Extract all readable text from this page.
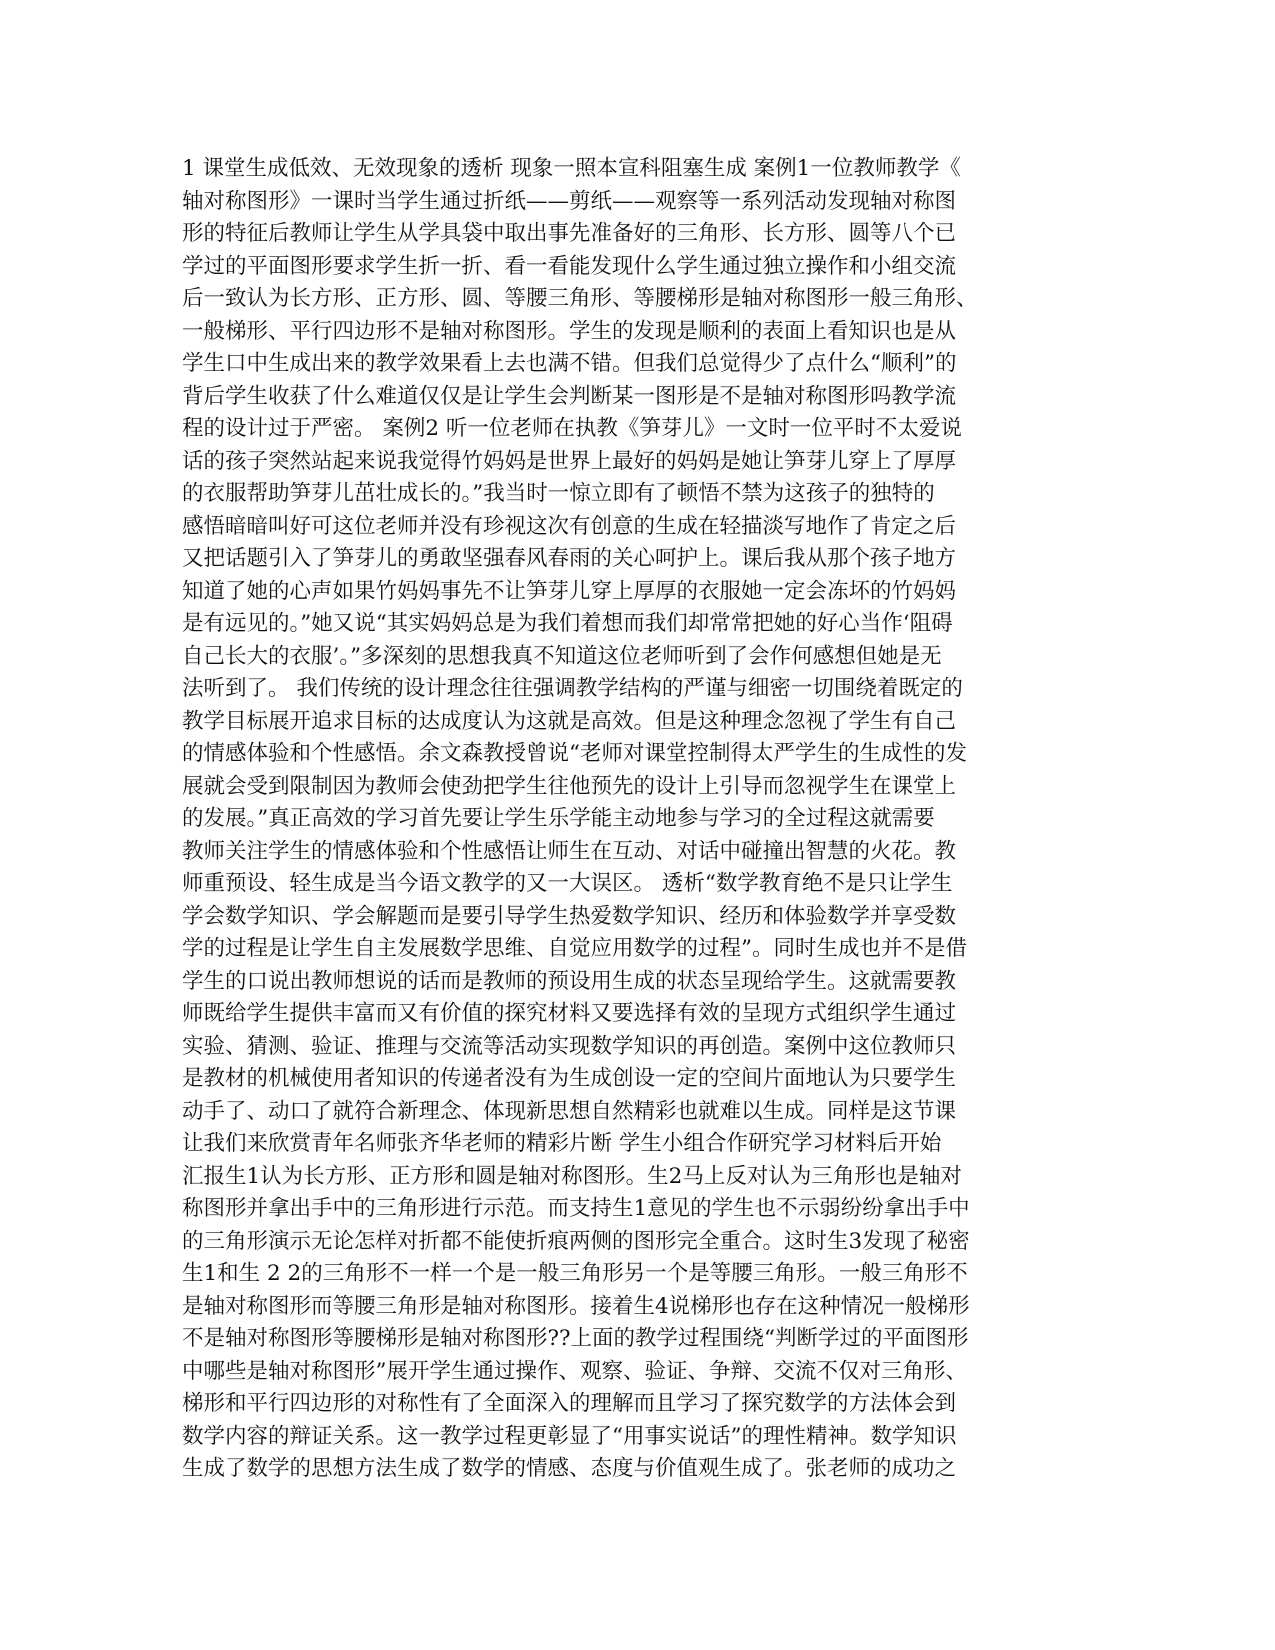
1 课堂生成低效、无效现象的透析 现象一照本宣科阻塞生成 案例1一位教师教学《
轴对称图形》一课时当学生通过折纸——剪纸——观察等一系列活动发现轴对称图
形的特征后教师让学生从学具袋中取出事先准备好的三角形、长方形、圆等八个已
学过的平面图形要求学生折一折、看一看能发现什么学生通过独立操作和小组交流
后一致认为长方形、正方形、圆、等腰三角形、等腰梯形是轴对称图形一般三角形、
一般梯形、平行四边形不是轴对称图形。学生的发现是顺利的表面上看知识也是从
学生口中生成出来的教学效果看上去也满不错。但我们总觉得少了点什么“顺利”的
背后学生收获了什么难道仅仅是让学生会判断某一图形是不是轴对称图形吗教学流
程的设计过于严密。 案例2 听一位老师在执教《笋芽儿》一文时一位平时不太爱说
话的孩子突然站起来说我觉得竹妈妈是世界上最好的妈妈是她让笋芽儿穿上了厚厚
的衣服帮助笋芽儿茁壮成长的。”我当时一惊立即有了顿悟不禁为这孩子的独特的
感悟暗暗叫好可这位老师并没有珍视这次有创意的生成在轻描淡写地作了肯定之后
又把话题引入了笋芽儿的勇敢坚强春风春雨的关心呵护上。课后我从那个孩子地方
知道了她的心声如果竹妈妈事先不让笋芽儿穿上厚厚的衣服她一定会冻坏的竹妈妈
是有远见的。”她又说“其实妈妈总是为我们着想而我们却常常把她的好心当作‘阻碍
自己长大的衣服’。”多深刻的思想我真不知道这位老师听到了会作何感想但她是无
法听到了。 我们传统的设计理念往往强调教学结构的严谨与细密一切围绕着既定的
教学目标展开追求目标的达成度认为这就是高效。但是这种理念忽视了学生有自己
的情感体验和个性感悟。余文森教授曾说“老师对课堂控制得太严学生的生成性的发
展就会受到限制因为教师会使劲把学生往他预先的设计上引导而忽视学生在课堂上
的发展。”真正高效的学习首先要让学生乐学能主动地参与学习的全过程这就需要
教师关注学生的情感体验和个性感悟让师生在互动、对话中碰撞出智慧的火花。教
师重预设、轻生成是当今语文教学的又一大误区。 透析“数学教育绝不是只让学生
学会数学知识、学会解题而是要引导学生热爱数学知识、经历和体验数学并享受数
学的过程是让学生自主发展数学思维、自觉应用数学的过程”。同时生成也并不是借
学生的口说出教师想说的话而是教师的预设用生成的状态呈现给学生。这就需要教
师既给学生提供丰富而又有价值的探究材料又要选择有效的呈现方式组织学生通过
实验、猜测、验证、推理与交流等活动实现数学知识的再创造。案例中这位教师只
是教材的机械使用者知识的传递者没有为生成创设一定的空间片面地认为只要学生
动手了、动口了就符合新理念、体现新思想自然精彩也就难以生成。同样是这节课
让我们来欣赏青年名师张齐华老师的精彩片断 学生小组合作研究学习材料后开始
汇报生1认为长方形、正方形和圆是轴对称图形。生2马上反对认为三角形也是轴对
称图形并拿出手中的三角形进行示范。而支持生1意见的学生也不示弱纷纷拿出手中
的三角形演示无论怎样对折都不能使折痕两侧的图形完全重合。这时生3发现了秘密
生1和生 2 2的三角形不一样一个是一般三角形另一个是等腰三角形。一般三角形不
是轴对称图形而等腰三角形是轴对称图形。接着生4说梯形也存在这种情况一般梯形
不是轴对称图形等腰梯形是轴对称图形??上面的教学过程围绕“判断学过的平面图形
中哪些是轴对称图形”展开学生通过操作、观察、验证、争辩、交流不仅对三角形、
梯形和平行四边形的对称性有了全面深入的理解而且学习了探究数学的方法体会到
数学内容的辩证关系。这一教学过程更彰显了“用事实说话”的理性精神。数学知识
生成了数学的思想方法生成了数学的情感、态度与价值观生成了。张老师的成功之
